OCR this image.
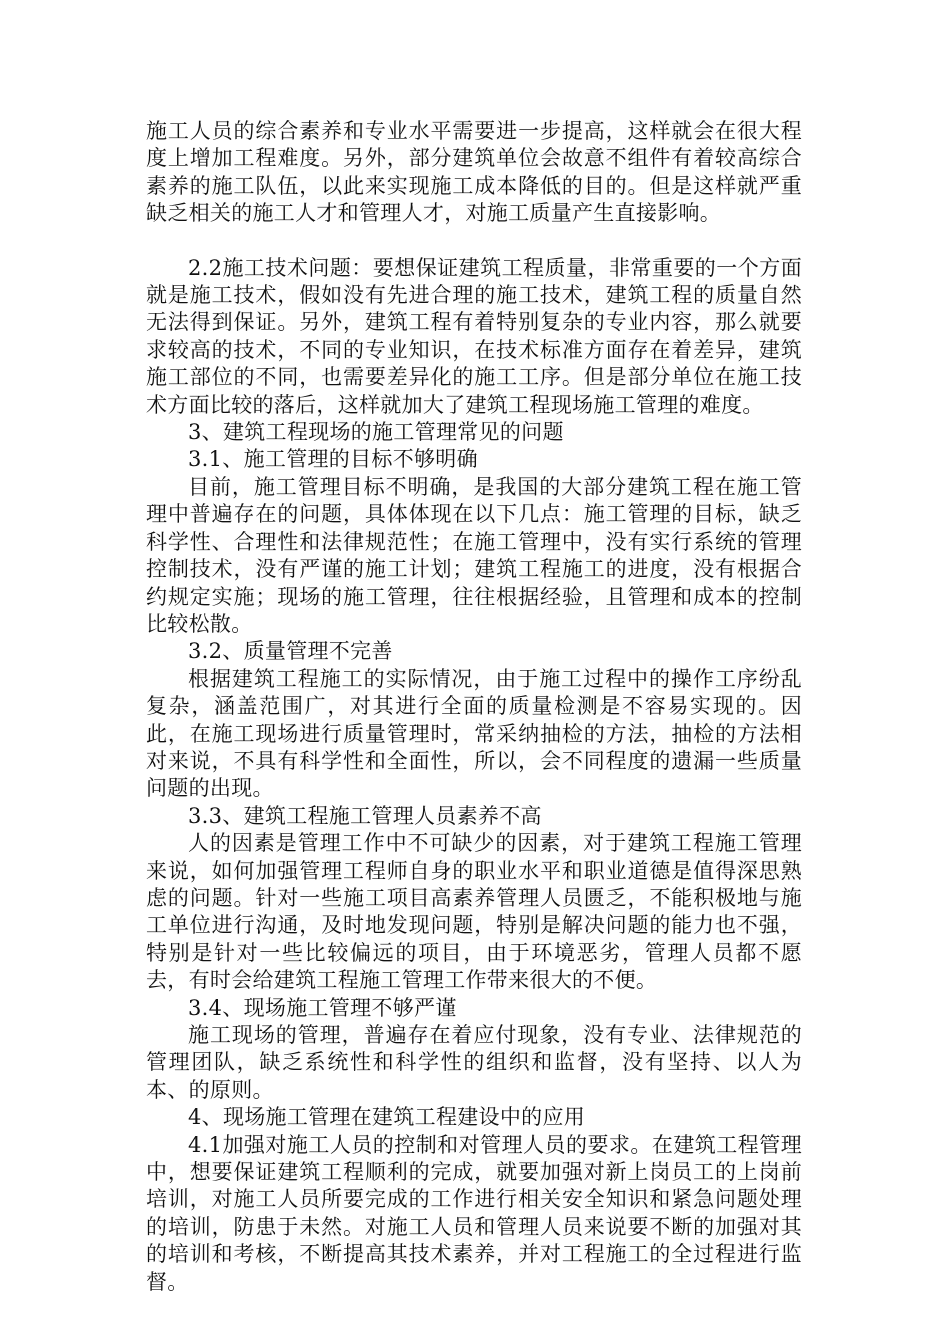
施工人员的综合素养和专业水平需要进一步提高，这样就会在很大程度上增加工程难度。另外，部分建筑单位会故意不组件有着较高综合素养的施工队伍，以此来实现施工成本降低的目的。但是这样就严重缺乏相关的施工人才和管理人才，对施工质量产生直接影响。

2.2施工技术问题：要想保证建筑工程质量，非常重要的一个方面就是施工技术，假如没有先进合理的施工技术，建筑工程的质量自然无法得到保证。另外，建筑工程有着特别复杂的专业内容，那么就要求较高的技术，不同的专业知识，在技术标准方面存在着差异，建筑施工部位的不同，也需要差异化的施工工序。但是部分单位在施工技术方面比较的落后，这样就加大了建筑工程现场施工管理的难度。

3、建筑工程现场的施工管理常见的问题

3.1、施工管理的目标不够明确

目前，施工管理目标不明确，是我国的大部分建筑工程在施工管理中普遍存在的问题，具体体现在以下几点：施工管理的目标，缺乏科学性、合理性和法律规范性；在施工管理中，没有实行系统的管理控制技术，没有严谨的施工计划；建筑工程施工的进度，没有根据合约规定实施；现场的施工管理，往往根据经验，且管理和成本的控制比较松散。

3.2、质量管理不完善

根据建筑工程施工的实际情况，由于施工过程中的操作工序纷乱复杂，涵盖范围广，对其进行全面的质量检测是不容易实现的。因此，在施工现场进行质量管理时，常采纳抽检的方法，抽检的方法相对来说，不具有科学性和全面性，所以，会不同程度的遗漏一些质量问题的出现。

3.3、建筑工程施工管理人员素养不高

人的因素是管理工作中不可缺少的因素，对于建筑工程施工管理来说，如何加强管理工程师自身的职业水平和职业道德是值得深思熟虑的问题。针对一些施工项目高素养管理人员匮乏，不能积极地与施工单位进行沟通，及时地发现问题，特别是解决问题的能力也不强，特别是针对一些比较偏远的项目，由于环境恶劣，管理人员都不愿去，有时会给建筑工程施工管理工作带来很大的不便。

3.4、现场施工管理不够严谨

施工现场的管理，普遍存在着应付现象，没有专业、法律规范的管理团队，缺乏系统性和科学性的组织和监督，没有坚持、以人为本、的原则。

4、现场施工管理在建筑工程建设中的应用

4.1加强对施工人员的控制和对管理人员的要求。在建筑工程管理中，想要保证建筑工程顺利的完成，就要加强对新上岗员工的上岗前培训，对施工人员所要完成的工作进行相关安全知识和紧急问题处理的培训，防患于未然。对施工人员和管理人员来说要不断的加强对其的培训和考核，不断提高其技术素养，并对工程施工的全过程进行监督。
